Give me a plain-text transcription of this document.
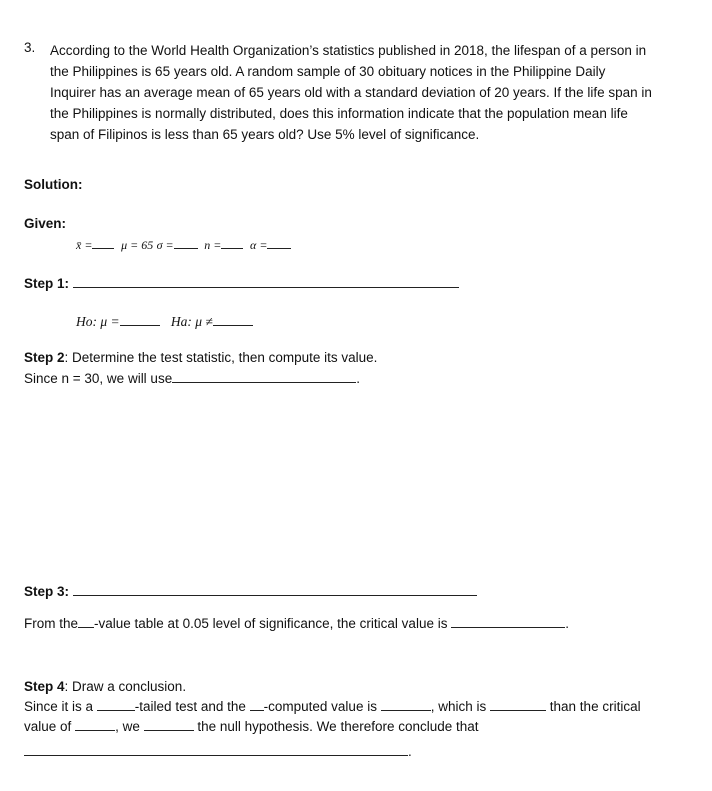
3. According to the World Health Organization’s statistics published in 2018, the lifespan of a person in
the Philippines is 65 years old. A random sample of 30 obituary notices in the Philippine Daily
Inquirer has an average mean of 65 years old with a standard deviation of 20 years. If the life span in
the Philippines is normally distributed, does this information indicate that the population mean life
span of Filipinos is less than 65 years old? Use 5% level of significance.
Solution:
Given:
x̄ = μ = 65 σ =	n = α =
Step 1:
Ho: μ =	Ha: μ ≠
Step 2: Determine the test statistic, then compute its value.
Since n = 30, we will use	.
Step 3:
From the -value table at 0.05 level of significance, the critical value is	.
Step 4: Draw a conclusion.
Since it is a	-tailed test and the -computed value is	, which is	than the critical
value of	, we	the null hypothesis. We therefore conclude that
.
